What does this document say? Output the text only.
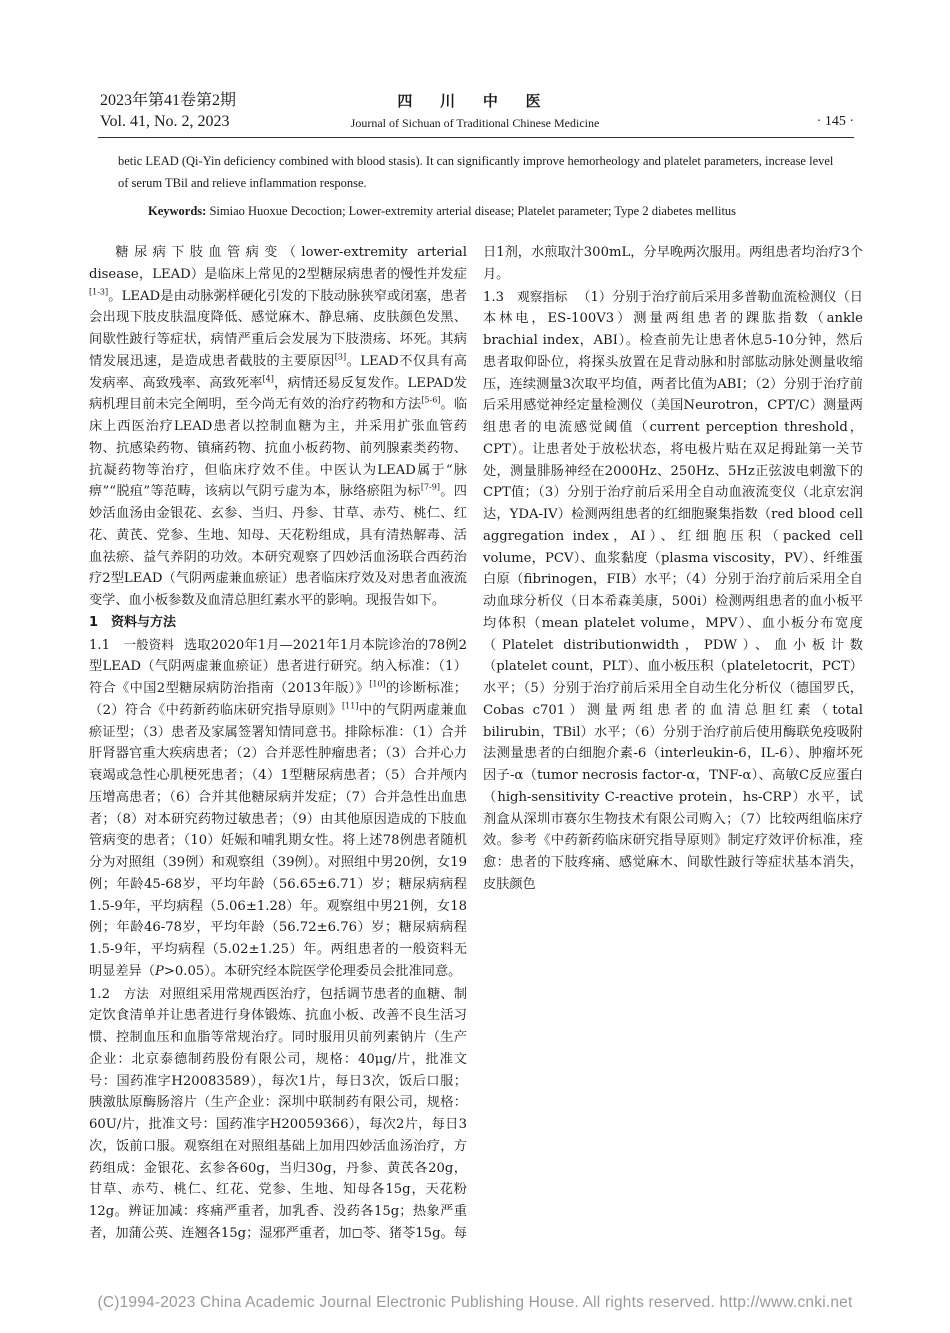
2023年第41卷第2期
Vol. 41, No. 2, 2023
四 川 中 医
Journal of Sichuan of Traditional Chinese Medicine	· 145 ·

betic LEAD (Qi-Yin deficiency combined with blood stasis). It can significantly improve hemorheology and platelet parameters, increase level of serum TBil and relieve inflammation response.

Keywords: Simiao Huoxue Decoction; Lower-extremity arterial disease; Platelet parameter; Type 2 diabetes mellitus

糖尿病下肢血管病变（lower-extremity arterial disease，LEAD）是临床上常见的2型糖尿病患者的慢性并发症[1-3]。LEAD是由动脉粥样硬化引发的下肢动脉狭窄或闭塞，患者会出现下肢皮肤温度降低、感觉麻木、静息痛、皮肤颜色发黑、间歇性跛行等症状，病情严重后会发展为下肢溃疡、坏死。其病情发展迅速，是造成患者截肢的主要原因[3]。LEAD不仅具有高发病率、高致残率、高致死率[4]，病情还易反复发作。LEPAD发病机理目前未完全阐明，至今尚无有效的治疗药物和方法[5-6]。临床上西医治疗LEAD患者以控制血糖为主，并采用扩张血管药物、抗感染药物、镇痛药物、抗血小板药物、前列腺素类药物、抗凝药物等治疗，但临床疗效不佳。中医认为LEAD属于“脉痹”“脱疽”等范畴，该病以气阴亏虚为本，脉络瘀阻为标[7-9]。四妙活血汤由金银花、玄参、当归、丹参、甘草、赤芍、桃仁、红花、黄芪、党参、生地、知母、天花粉组成，具有清热解毒、活血祛瘀、益气养阴的功效。本研究观察了四妙活血汤联合西药治疗2型LEAD（气阴两虚兼血瘀证）患者临床疗效及对患者血液流变学、血小板参数及血清总胆红素水平的影响。现报告如下。

1　资料与方法

1.1　 一般资料 选取2020年1月—2021年1月本院诊治的78例2型LEAD（气阴两虚兼血瘀证）患者进行研究。纳入标准：（1）符合《中国2型糖尿病防治指南（2013年版）》[10]的诊断标准；（2）符合《中药新药临床研究指导原则》[11]中的气阴两虚兼血瘀证型；（3）患者及家属签署知情同意书。排除标准：（1）合并肝肾器官重大疾病患者；（2）合并恶性肿瘤患者；（3）合并心力衰竭或急性心肌梗死患者；（4）1型糖尿病患者；（5）合并颅内压增高患者；（6）合并其他糖尿病并发症；（7）合并急性出血患者；（8）对本研究药物过敏患者；（9）由其他原因造成的下肢血管病变的患者；（10）妊娠和哺乳期女性。将上述78例患者随机分为对照组（39例）和观察组（39例）。对照组中男20例，女19例；年龄45-68岁，平均年龄（56.65±6.71）岁；糖尿病病程1.5-9年，平均病程（5.06±1.28）年。观察组中男21例，女18例；年龄46-78岁，平均年龄（56.72±6.76）岁；糖尿病病程1.5-9年，平均病程（5.02±1.25）年。两组患者的一般资料无明显差异（P>0.05）。本研究经本院医学伦理委员会批准同意。

1.2　 方法 对照组采用常规西医治疗，包括调节患者的血糖、制定饮食清单并让患者进行身体锻炼、抗血小板、改善不良生活习惯、控制血压和血脂等常规治疗。同时服用贝前列素钠片（生产企业：北京泰德制药股份有限公司，规格：40μg/片，批准文号：国药准字H20083589），每次1片，每日3次，饭后口服；胰激肽原酶肠溶片（生产企业：深圳中联制药有限公司，规格：60U/片，批准文号：国药准字H20059366），每次2片，每日3次，饭前口服。观察组在对照组基础上加用四妙活血汤治疗，方药组成：金银花、玄参各60g，当归30g，丹参、黄芪各20g，甘草、赤芍、桃仁、红花、党参、生地、知母各15g，天花粉12g。辨证加减：疼痛严重者，加乳香、没药各15g；热象严重者，加蒲公英、连翘各15g；湿邪严重者，加◻苓、猪苓15g。每

日1剂，水煎取汁300mL，分早晚两次服用。两组患者均治疗3个月。

1.3　 观察指标 （1）分别于治疗前后采用多普勒血流检测仪（日本林电，ES-100V3）测量两组患者的踝肱指数（ankle brachial index，ABI）。检查前先让患者休息5-10分钟，然后患者取仰卧位，将探头放置在足背动脉和肘部肱动脉处测量收缩压，连续测量3次取平均值，两者比值为ABI；（2）分别于治疗前后采用感觉神经定量检测仪（美国Neurotron，CPT/C）测量两组患者的电流感觉阈值（current perception threshold，CPT）。让患者处于放松状态，将电极片贴在双足拇趾第一关节处，测量腓肠神经在2000Hz、250Hz、5Hz正弦波电刺激下的CPT值；（3）分别于治疗前后采用全自动血液流变仪（北京宏润达，YDA-IV）检测两组患者的红细胞聚集指数（red blood cell aggregation index，AI）、红细胞压积（packed cell volume，PCV）、血浆黏度（plasma viscosity，PV）、纤维蛋白原（fibrinogen，FIB）水平；（4）分别于治疗前后采用全自动血球分析仪（日本希森美康，500i）检测两组患者的血小板平均体积（mean platelet volume，MPV）、血小板分布宽度（Platelet distributionwidth，PDW）、血小板计数（platelet count，PLT）、血小板压积（plateletocrit，PCT）水平；（5）分别于治疗前后采用全自动生化分析仪（德国罗氏，Cobas c701）测量两组患者的血清总胆红素（total bilirubin，TBil）水平；（6）分别于治疗前后使用酶联免疫吸附法测量患者的白细胞介素-6（interleukin-6，IL-6）、肿瘤坏死因子-α（tumor necrosis factor-α，TNF-α）、高敏C反应蛋白（high-sensitivity C-reactive protein，hs-CRP）水平，试剂盒从深圳市赛尔生物技术有限公司购入；（7）比较两组临床疗效。参考《中药新药临床研究指导原则》制定疗效评价标准，痊愈：患者的下肢疼痛、感觉麻木、间歇性跛行等症状基本消失，皮肤颜色

(C)1994-2023 China Academic Journal Electronic Publishing House. All rights reserved. http://www.cnki.net
